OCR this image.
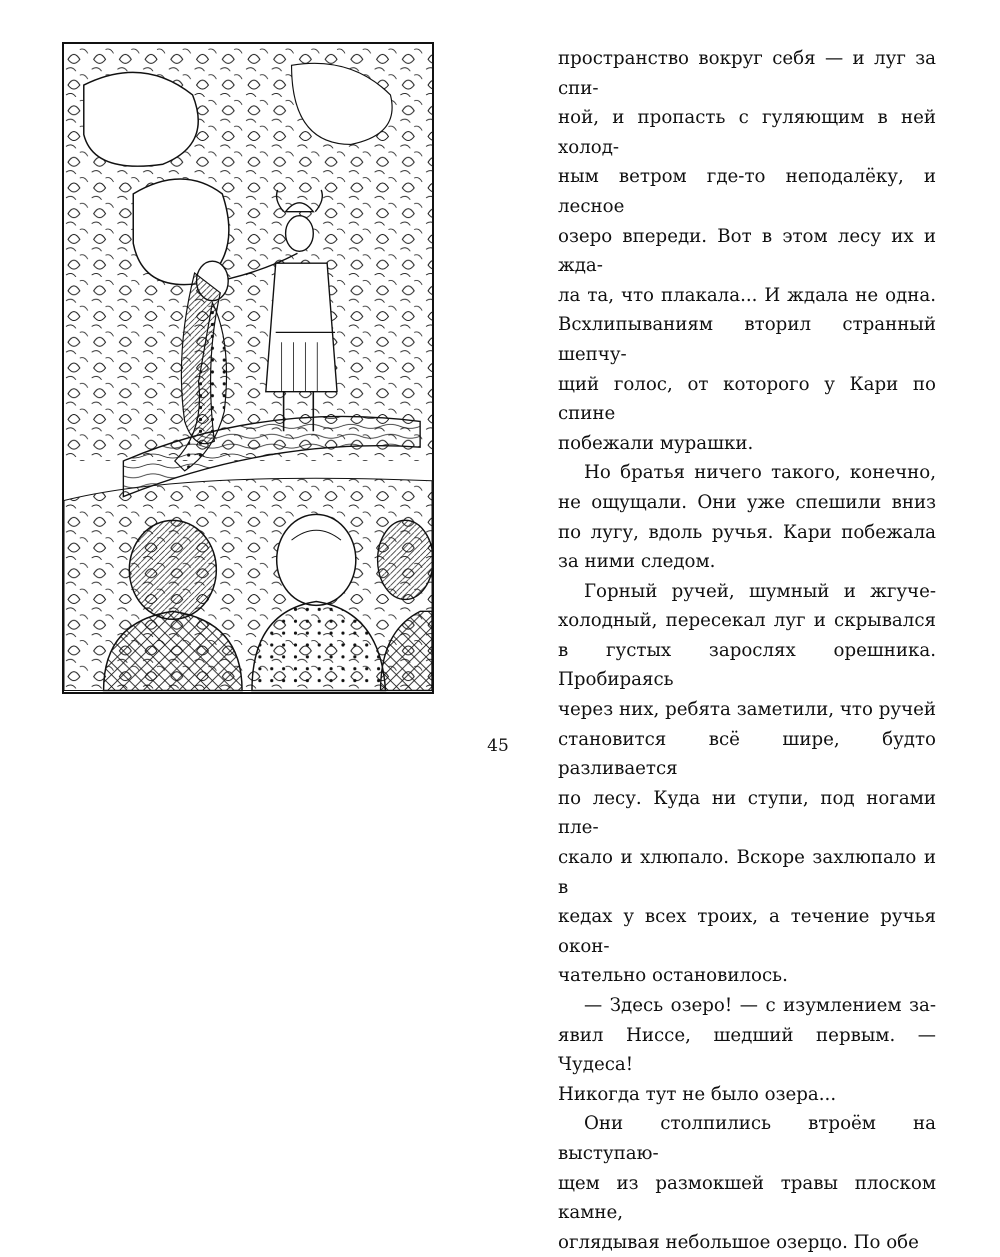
пространство вокруг себя — и луг за спи-
ной, и пропасть с гуляющим в ней холод-
ным ветром где-то неподалёку, и лесное
озеро впереди. Вот в этом лесу их и жда-
ла та, что плакала... И ждала не одна.
Всхлипываниям вторил странный шепчу-
щий голос, от которого у Кари по спине
побежали мурашки.

Но братья ничего такого, конечно,
не ощущали. Они уже спешили вниз
по лугу, вдоль ручья. Кари побежала
за ними следом.

Горный ручей, шумный и жгуче-
холодный, пересекал луг и скрывался
в густых зарослях орешника. Пробираясь
через них, ребята заметили, что ручей
становится всё шире, будто разливается
по лесу. Куда ни ступи, под ногами пле-
скало и хлюпало. Вскоре захлюпало и в
кедах у всех троих, а течение ручья окон-
чательно остановилось.

— Здесь озеро! — с изумлением за-
явил Ниссе, шедший первым. — Чудеса!
Никогда тут не было озера...

Они столпились втроём на выступаю-
щем из размокшей травы плоском камне,
оглядывая небольшое озерцо. По обе

45
